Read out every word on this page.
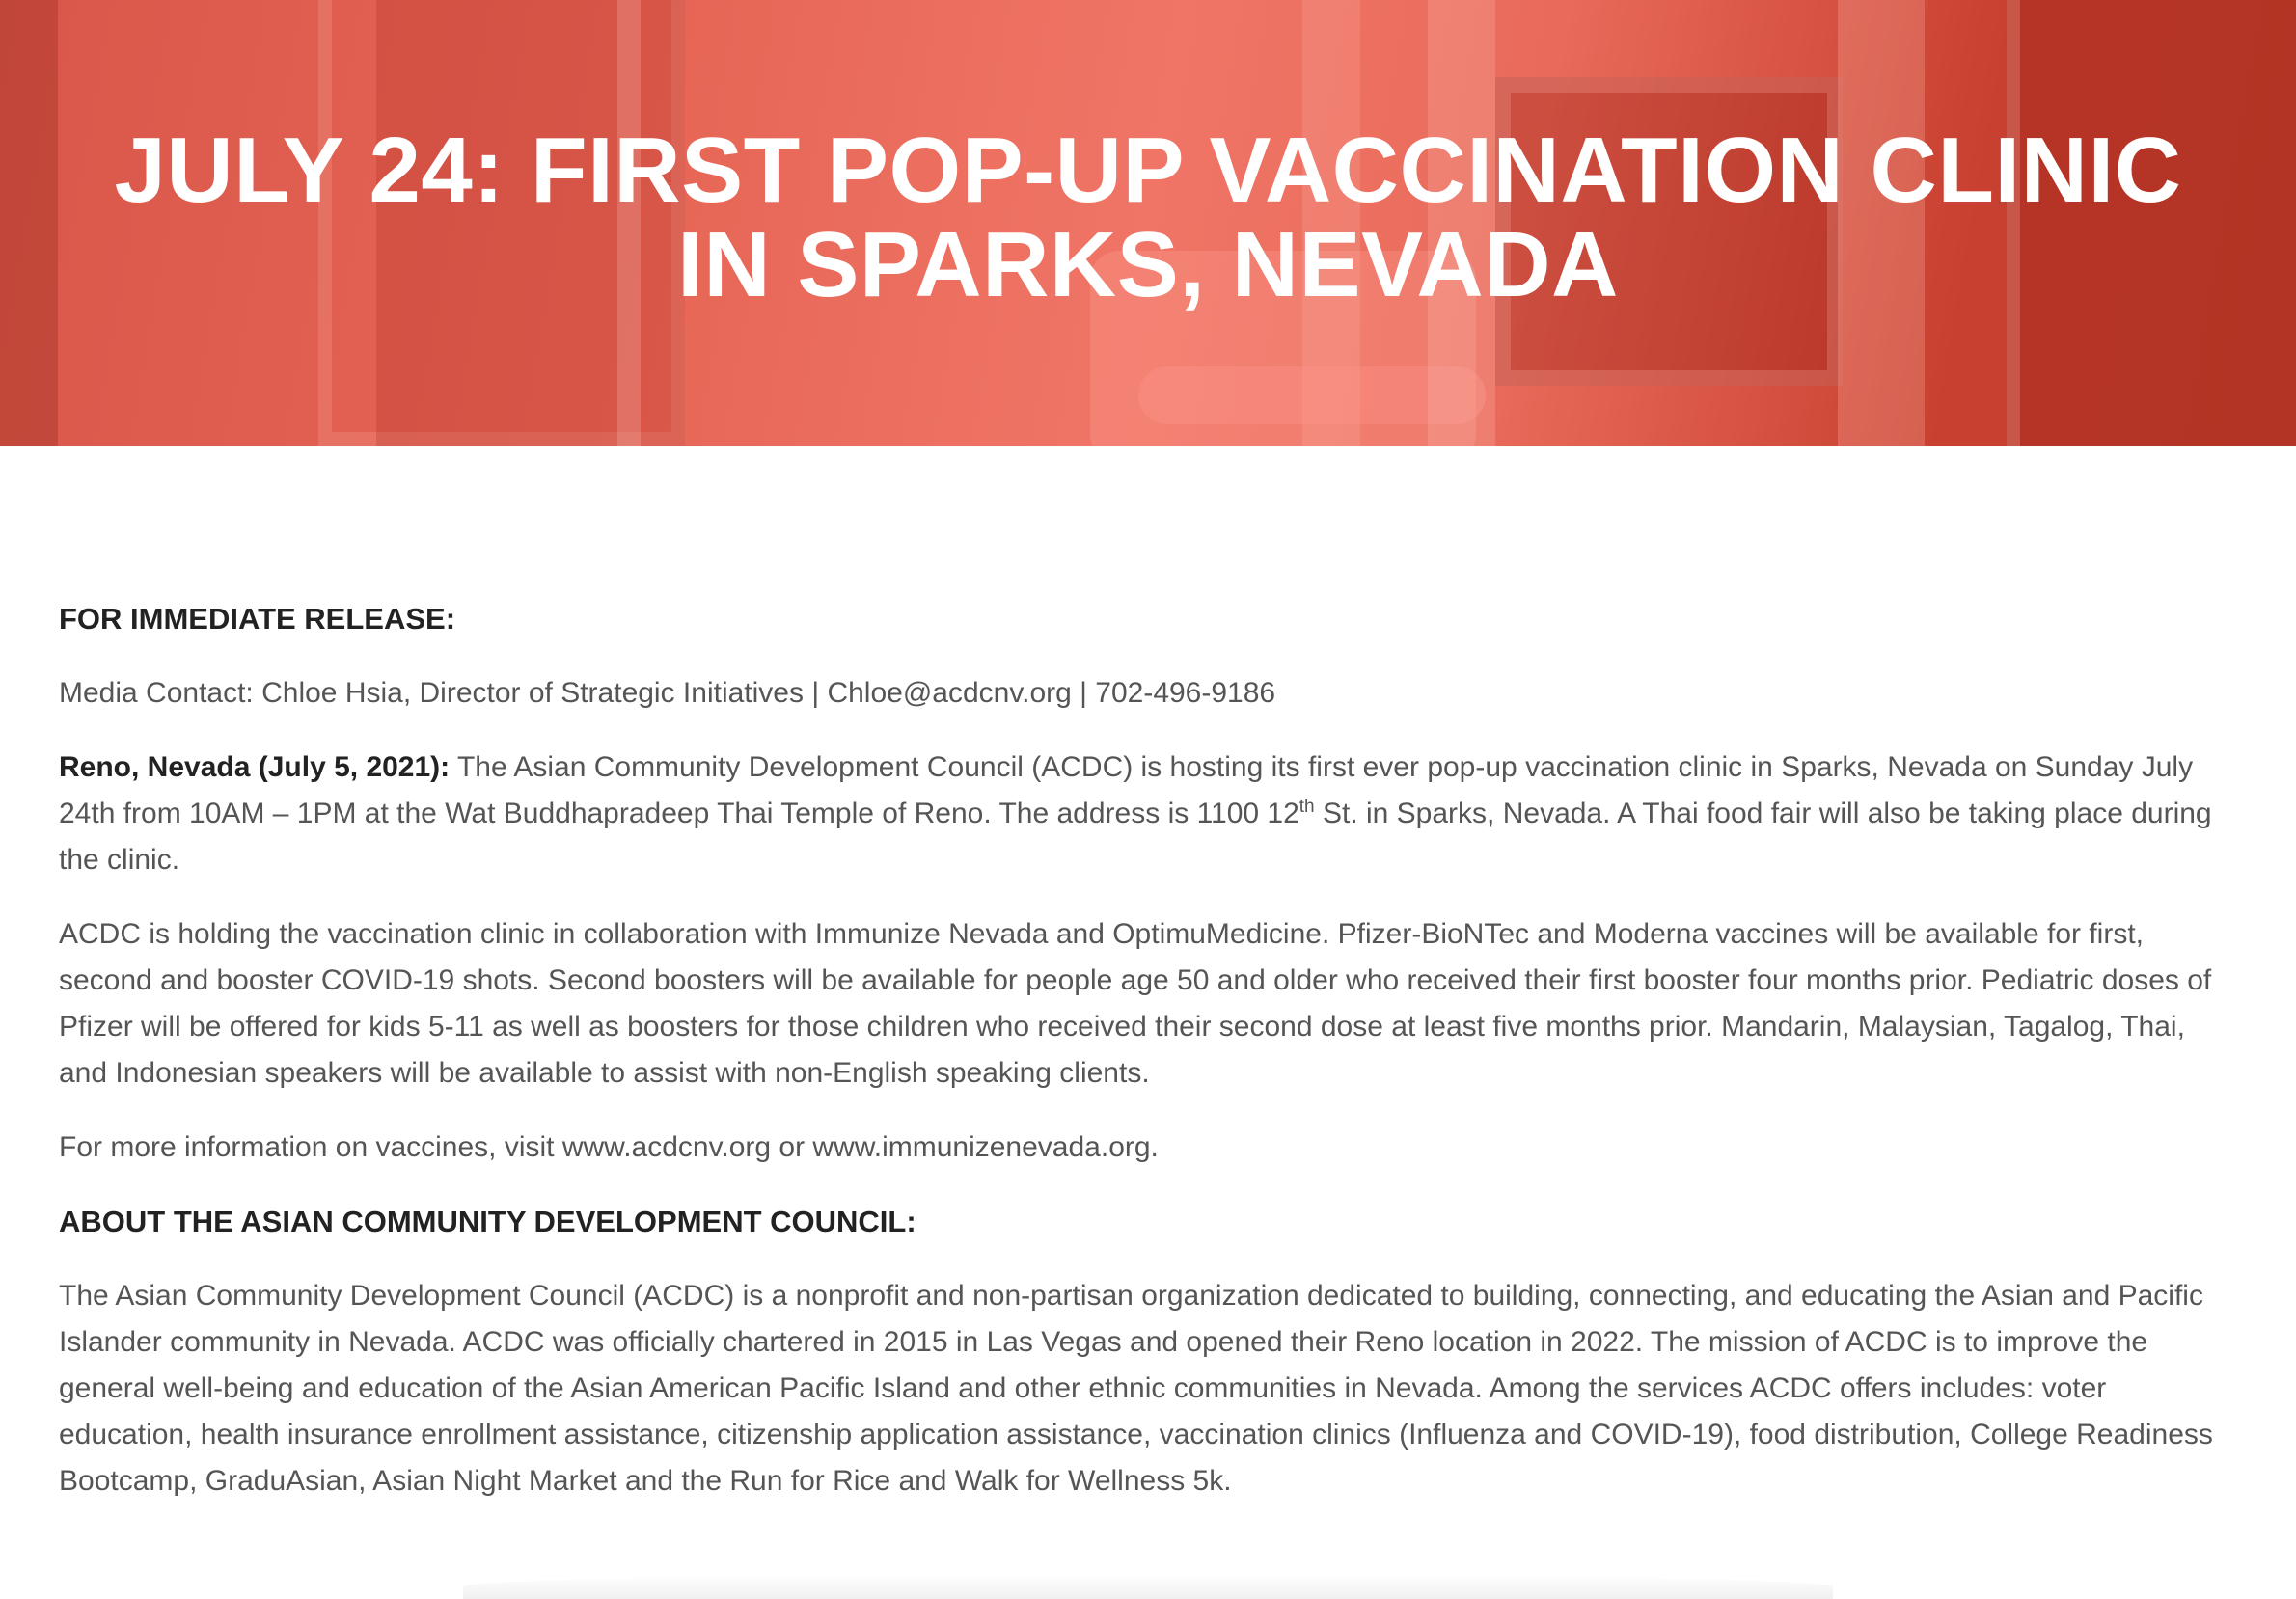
JULY 24: FIRST POP-UP VACCINATION CLINIC
IN SPARKS, NEVADA

FOR IMMEDIATE RELEASE:

Media Contact: Chloe Hsia, Director of Strategic Initiatives | Chloe@acdcnv.org | 702-496-9186

Reno, Nevada (July 5, 2021): The Asian Community Development Council (ACDC) is hosting its first ever pop-up vaccination clinic in Sparks, Nevada on Sunday July 24th from 10AM – 1PM at the Wat Buddhapradeep Thai Temple of Reno. The address is 1100 12th St. in Sparks, Nevada. A Thai food fair will also be taking place during the clinic.

ACDC is holding the vaccination clinic in collaboration with Immunize Nevada and OptimuMedicine. Pfizer-BioNTec and Moderna vaccines will be available for first, second and booster COVID-19 shots. Second boosters will be available for people age 50 and older who received their first booster four months prior. Pediatric doses of Pfizer will be offered for kids 5-11 as well as boosters for those children who received their second dose at least five months prior. Mandarin, Malaysian, Tagalog, Thai, and Indonesian speakers will be available to assist with non-English speaking clients.

For more information on vaccines, visit www.acdcnv.org or www.immunizenevada.org.

ABOUT THE ASIAN COMMUNITY DEVELOPMENT COUNCIL:

The Asian Community Development Council (ACDC) is a nonprofit and non-partisan organization dedicated to building, connecting, and educating the Asian and Pacific Islander community in Nevada. ACDC was officially chartered in 2015 in Las Vegas and opened their Reno location in 2022. The mission of ACDC is to improve the general well-being and education of the Asian American Pacific Island and other ethnic communities in Nevada. Among the services ACDC offers includes: voter education, health insurance enrollment assistance, citizenship application assistance, vaccination clinics (Influenza and COVID-19), food distribution, College Readiness Bootcamp, GraduAsian, Asian Night Market and the Run for Rice and Walk for Wellness 5k.
